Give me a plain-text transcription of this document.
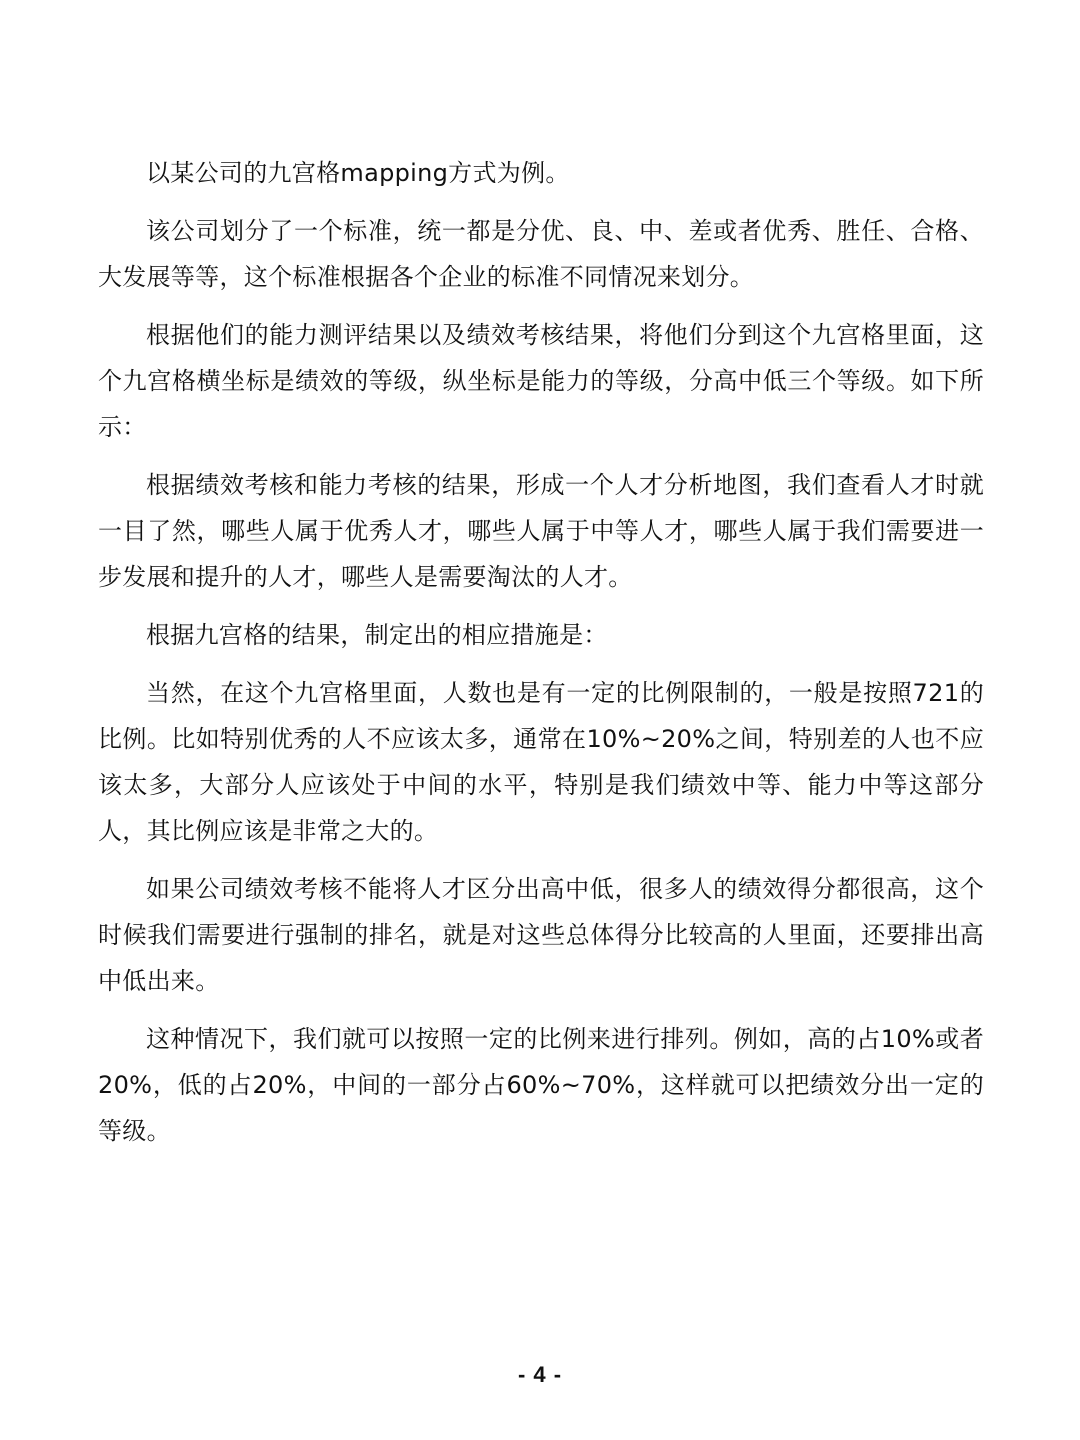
以某公司的九宫格mapping方式为例。

该公司划分了一个标准，统一都是分优、良、中、差或者优秀、胜任、合格、大发展等等，这个标准根据各个企业的标准不同情况来划分。

根据他们的能力测评结果以及绩效考核结果，将他们分到这个九宫格里面，这个九宫格横坐标是绩效的等级，纵坐标是能力的等级，分高中低三个等级。如下所示：

根据绩效考核和能力考核的结果，形成一个人才分析地图，我们查看人才时就一目了然，哪些人属于优秀人才，哪些人属于中等人才，哪些人属于我们需要进一步发展和提升的人才，哪些人是需要淘汰的人才。

根据九宫格的结果，制定出的相应措施是：

当然，在这个九宫格里面，人数也是有一定的比例限制的，一般是按照721的比例。比如特别优秀的人不应该太多，通常在10%~20%之间，特别差的人也不应该太多，大部分人应该处于中间的水平，特别是我们绩效中等、能力中等这部分人，其比例应该是非常之大的。

如果公司绩效考核不能将人才区分出高中低，很多人的绩效得分都很高，这个时候我们需要进行强制的排名，就是对这些总体得分比较高的人里面，还要排出高中低出来。

这种情况下，我们就可以按照一定的比例来进行排列。例如，高的占10%或者20%，低的占20%，中间的一部分占60%~70%，这样就可以把绩效分出一定的等级。

- 4 -
